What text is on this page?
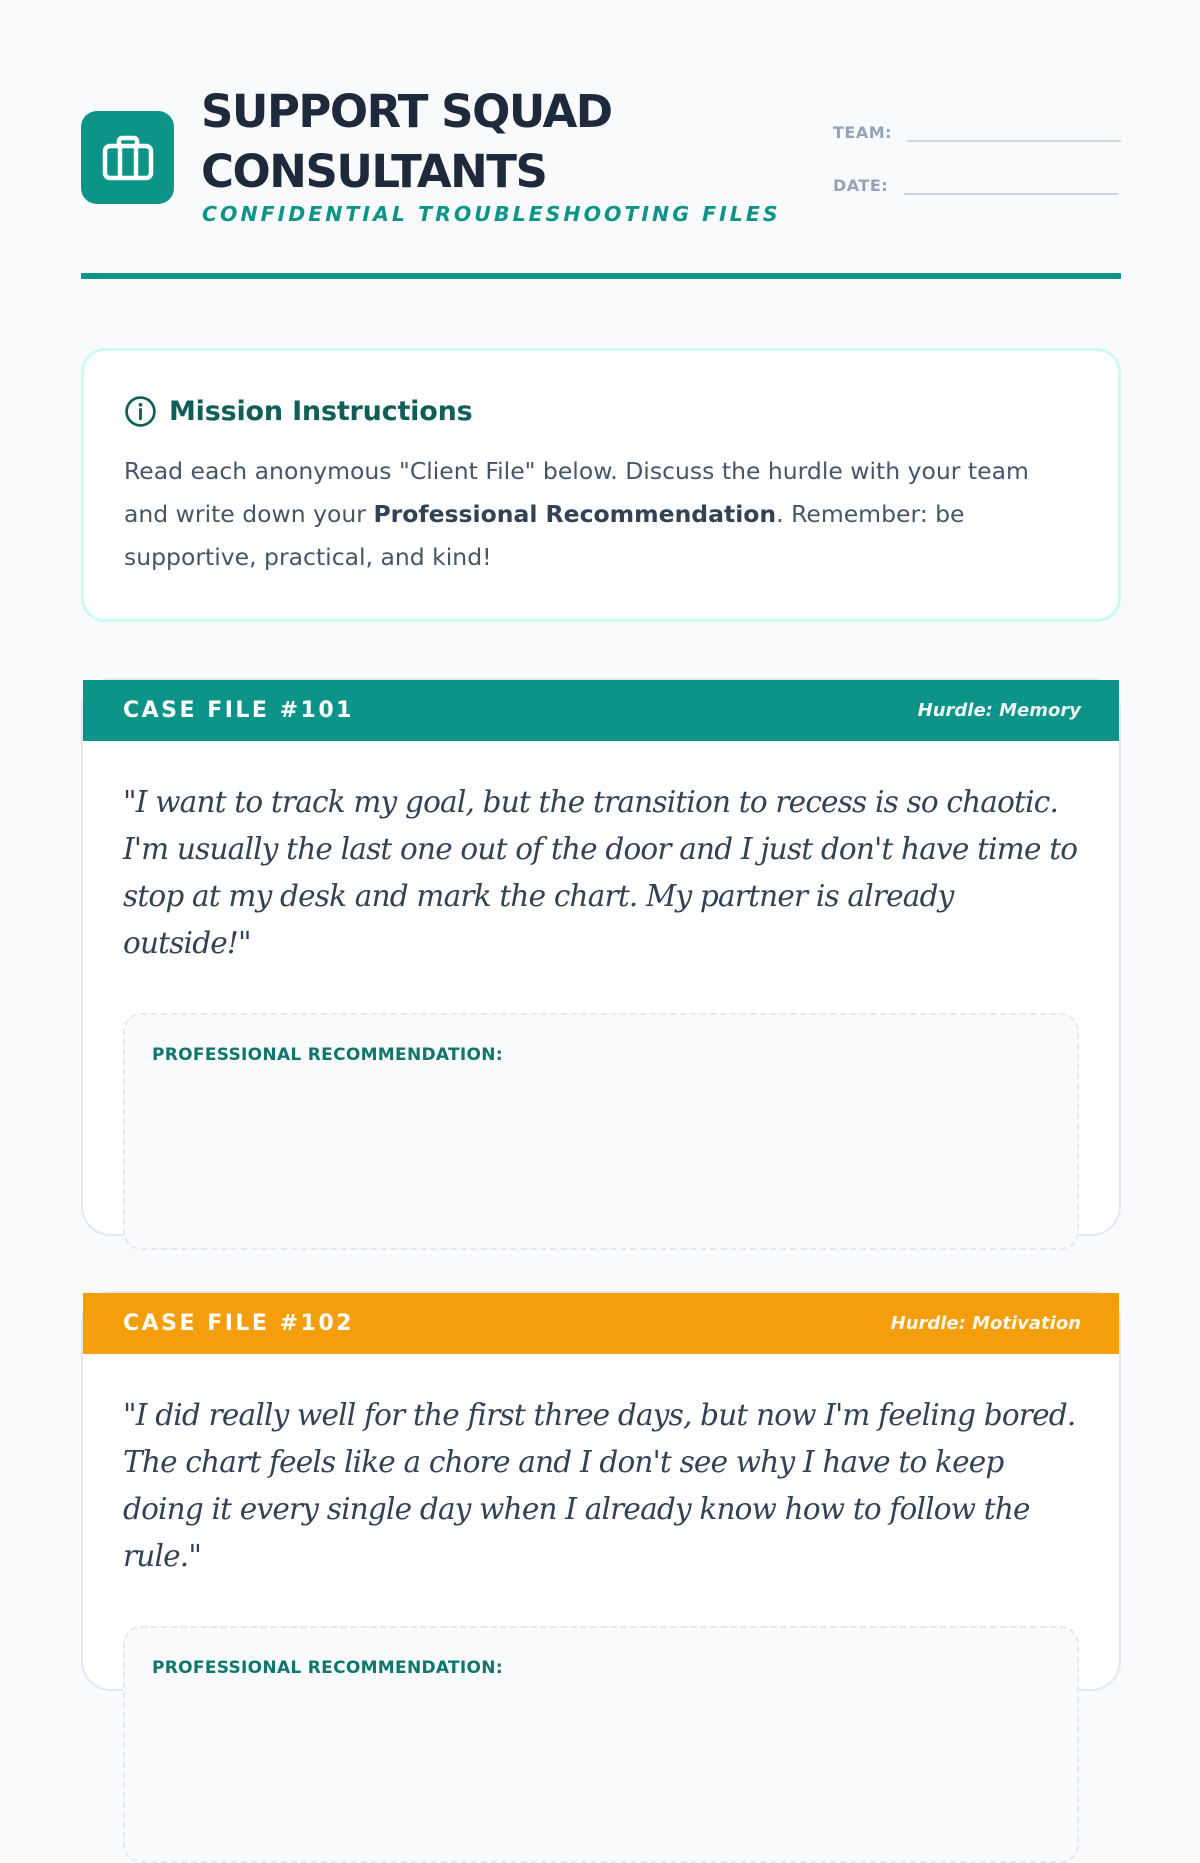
SUPPORT SQUAD CONSULTANTS
CONFIDENTIAL TROUBLESHOOTING FILES
TEAM:
DATE:
Mission Instructions

Read each anonymous "Client File" below. Discuss the hurdle with your team and write down your Professional Recommendation. Remember: be supportive, practical, and kind!

CASE FILE #101	Hurdle: Memory

"I want to track my goal, but the transition to recess is so chaotic. I'm usually the last one out of the door and I just don't have time to stop at my desk and mark the chart. My partner is already outside!"

PROFESSIONAL RECOMMENDATION:
CASE FILE #102	Hurdle: Motivation

"I did really well for the first three days, but now I'm feeling bored. The chart feels like a chore and I don't see why I have to keep doing it every single day when I already know how to follow the rule."

PROFESSIONAL RECOMMENDATION:
